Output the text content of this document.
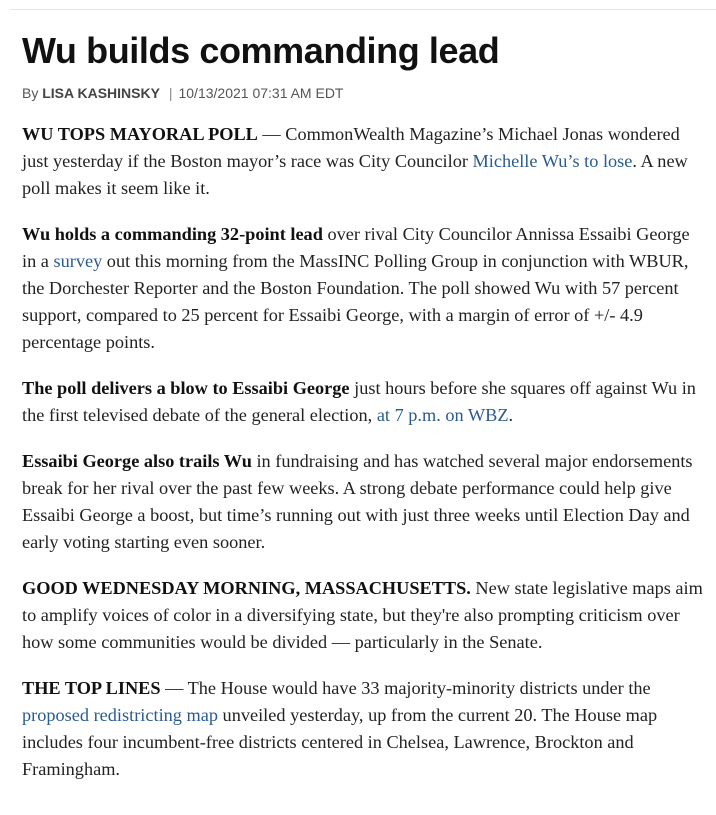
Wu builds commanding lead
By LISA KASHINSKY | 10/13/2021 07:31 AM EDT

WU TOPS MAYORAL POLL — CommonWealth Magazine’s Michael Jonas wondered just yesterday if the Boston mayor’s race was City Councilor Michelle Wu’s to lose. A new poll makes it seem like it.

Wu holds a commanding 32-point lead over rival City Councilor Annissa Essaibi George in a survey out this morning from the MassINC Polling Group in conjunction with WBUR, the Dorchester Reporter and the Boston Foundation. The poll showed Wu with 57 percent support, compared to 25 percent for Essaibi George, with a margin of error of +/- 4.9 percentage points.

The poll delivers a blow to Essaibi George just hours before she squares off against Wu in the first televised debate of the general election, at 7 p.m. on WBZ.

Essaibi George also trails Wu in fundraising and has watched several major endorsements break for her rival over the past few weeks. A strong debate performance could help give Essaibi George a boost, but time’s running out with just three weeks until Election Day and early voting starting even sooner.

GOOD WEDNESDAY MORNING, MASSACHUSETTS. New state legislative maps aim to amplify voices of color in a diversifying state, but they're also prompting criticism over how some communities would be divided — particularly in the Senate.

THE TOP LINES — The House would have 33 majority-minority districts under the proposed redistricting map unveiled yesterday, up from the current 20. The House map includes four incumbent-free districts centered in Chelsea, Lawrence, Brockton and Framingham.
